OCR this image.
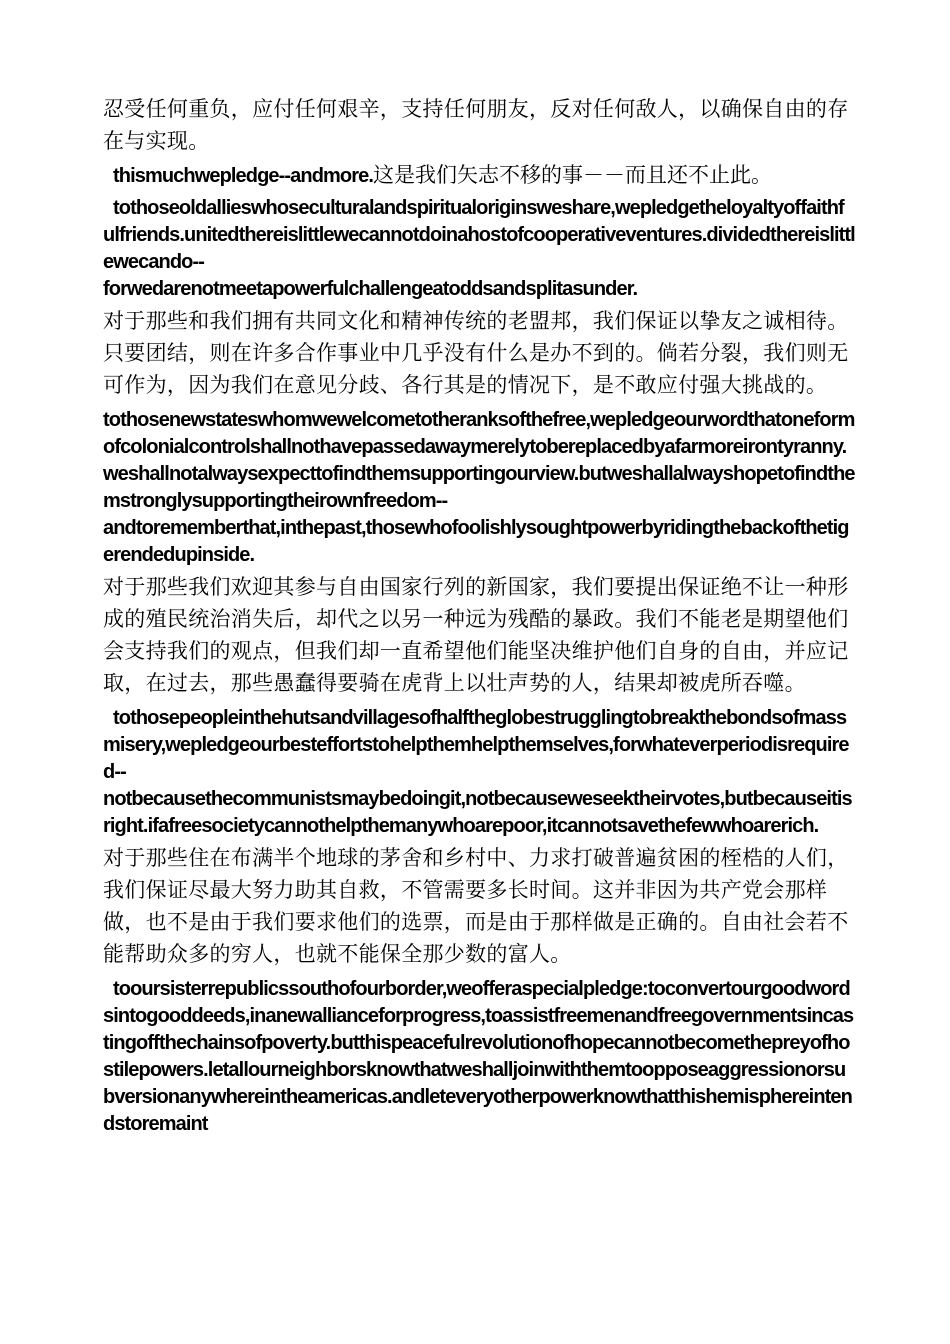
忍受任何重负，应付任何艰辛，支持任何朋友，反对任何敌人，以确保自由的存在与实现。

thismuchwepledge--andmore.这是我们矢志不移的事－－而且还不止此。

tothoseoldallieswhoseculturalandspiritualoriginsweshare,wepledgetheloyaltyoffaithfulfriends.unitedthereislittlewecannotdoinahostofcooperativeventures.dividedthereislittlewecando--

forwedarenotmeetapowerfulchallengeatoddsandsplitasunder.

对于那些和我们拥有共同文化和精神传统的老盟邦，我们保证以挚友之诚相待。只要团结，则在许多合作事业中几乎没有什么是办不到的。倘若分裂，我们则无可作为，因为我们在意见分歧、各行其是的情况下，是不敢应付强大挑战的。

tothosenewstateswhomwewelcometotheranksofthefree,wepledgeourwordthatoneformofcolonialcontrolshallnothavepassedawaymerelytobereplacedbyafarmoreirontyranny.weshallnotalwaysexpecttofindthemsupportingourview.butweshallalwayshopetofindthemstronglysupportingtheirownfreedom--

andtorememberthat,inthepast,thosewhofoolishlysoughtpowerbyridingthebackofthetigerendedupinside.

对于那些我们欢迎其参与自由国家行列的新国家，我们要提出保证绝不让一种形成的殖民统治消失后，却代之以另一种远为残酷的暴政。我们不能老是期望他们会支持我们的观点，但我们却一直希望他们能坚决维护他们自身的自由，并应记取，在过去，那些愚蠢得要骑在虎背上以壮声势的人，结果却被虎所吞噬。

tothosepeopleinthehutsandvillagesofhalftheglobestrugglingtobreakthebondsofmassmisery,wepledgeourbesteffortstohelpthemhelpthemselves,forwhateverperiodisrequired--

notbecausethecommunistsmaybedoingit,notbecauseweseektheirvotes,butbecauseitisright.ifafreesocietycannothelpthemanywhoarepoor,itcannotsavethefewwhoarerich.

对于那些住在布满半个地球的茅舍和乡村中、力求打破普遍贫困的桎梏的人们，我们保证尽最大努力助其自救，不管需要多长时间。这并非因为共产党会那样做，也不是由于我们要求他们的选票，而是由于那样做是正确的。自由社会若不能帮助众多的穷人，也就不能保全那少数的富人。

tooursisterrepublicssouthofourborder,weofferaspecialpledge:toconvertourgoodwordsintogooddeeds,inanewallianceforprogress,toassistfreemenandfreegovernmentsincastingoffthechainsofpoverty.butthispeacefulrevolutionofhopecannotbecomethepreyofhostilepowers.letallourneighborsknowthatweshalljoinwiththemtoopposeaggressionorsubversionanywhereintheamericas.andleteveryotherpowerknowthatthishemisphereintendstoremaint
